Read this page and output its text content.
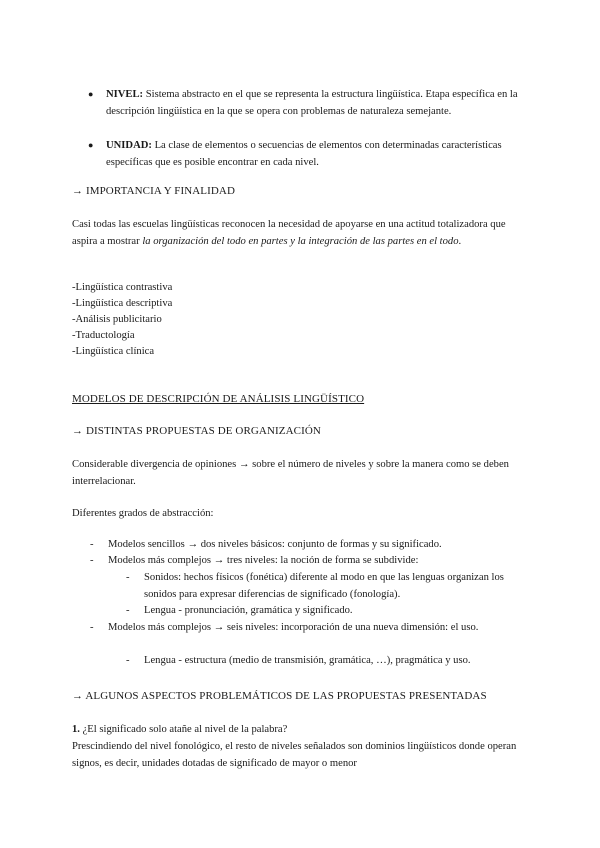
● NIVEL: Sistema abstracto en el que se representa la estructura lingüística. Etapa específica en la descripción lingüística en la que se opera con problemas de naturaleza semejante.
● UNIDAD: La clase de elementos o secuencias de elementos con determinadas características específicas que es posible encontrar en cada nivel.

→ IMPORTANCIA Y FINALIDAD

Casi todas las escuelas lingüísticas reconocen la necesidad de apoyarse en una actitud totalizadora que aspira a mostrar la organización del todo en partes y la integración de las partes en el todo.

-Lingüística contrastiva

-Lingüística descriptiva

-Análisis publicitario

-Traductología

-Lingüística clínica

MODELOS DE DESCRIPCIÓN DE ANÁLISIS LINGÜÍSTICO

→ DISTINTAS PROPUESTAS DE ORGANIZACIÓN

Considerable divergencia de opiniones → sobre el número de niveles y sobre la manera como se deben interrelacionar.

Diferentes grados de abstracción:

- Modelos sencillos → dos niveles básicos: conjunto de formas y su significado.
- Modelos más complejos → tres niveles: la noción de forma se subdivide:
- Sonidos: hechos físicos (fonética) diferente al modo en que las lenguas organizan los sonidos para expresar diferencias de significado (fonología).
- Lengua - pronunciación, gramática y significado.
- Modelos más complejos → seis niveles: incorporación de una nueva dimensión: el uso.
- Lengua - estructura (medio de transmisión, gramática, …), pragmática y uso.

→ ALGUNOS ASPECTOS PROBLEMÁTICOS DE LAS PROPUESTAS PRESENTADAS

1. ¿El significado solo atañe al nivel de la palabra?

Prescindiendo del nivel fonológico, el resto de niveles señalados son dominios lingüísticos donde operan signos, es decir, unidades dotadas de significado de mayor o menor
